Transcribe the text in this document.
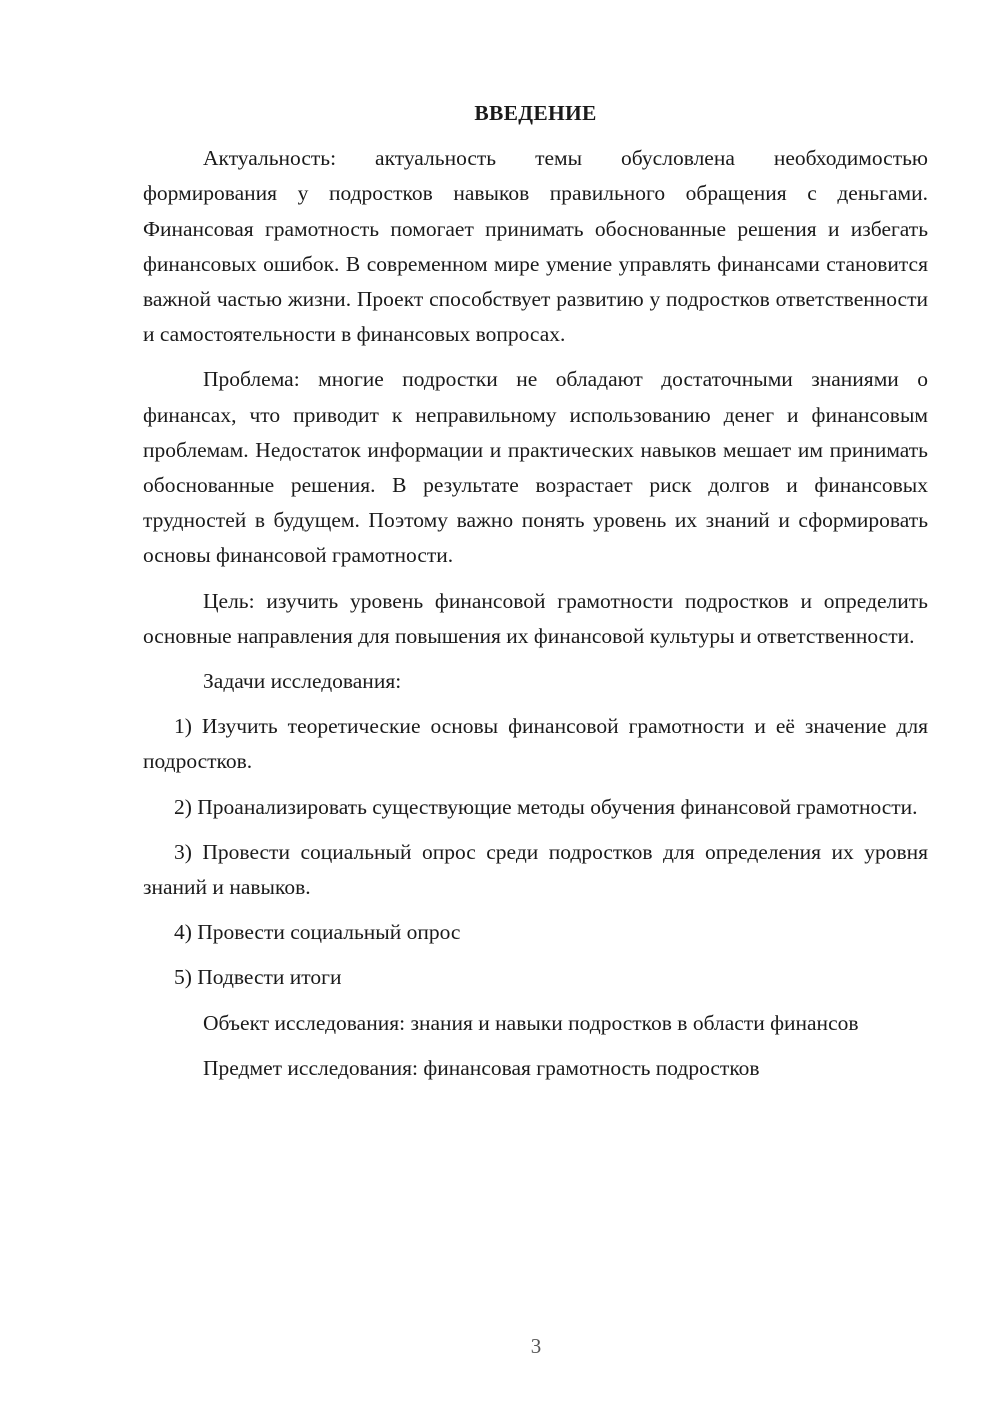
ВВЕДЕНИЕ

Актуальность: актуальность темы обусловлена необходимостью формирования у подростков навыков правильного обращения с деньгами. Финансовая грамотность помогает принимать обоснованные решения и избегать финансовых ошибок. В современном мире умение управлять финансами становится важной частью жизни. Проект способствует развитию у подростков ответственности и самостоятельности в финансовых вопросах.

Проблема: многие подростки не обладают достаточными знаниями о финансах, что приводит к неправильному использованию денег и финансовым проблемам. Недостаток информации и практических навыков мешает им принимать обоснованные решения. В результате возрастает риск долгов и финансовых трудностей в будущем. Поэтому важно понять уровень их знаний и сформировать основы финансовой грамотности.

Цель: изучить уровень финансовой грамотности подростков и определить основные направления для повышения их финансовой культуры и ответственности.

Задачи исследования:

1) Изучить теоретические основы финансовой грамотности и её значение для подростков.

2) Проанализировать существующие методы обучения финансовой грамотности.

3) Провести социальный опрос среди подростков для определения их уровня знаний и навыков.

4) Провести социальный опрос

5) Подвести итоги

Объект исследования: знания и навыки подростков в области финансов

Предмет исследования: финансовая грамотность подростков

3
